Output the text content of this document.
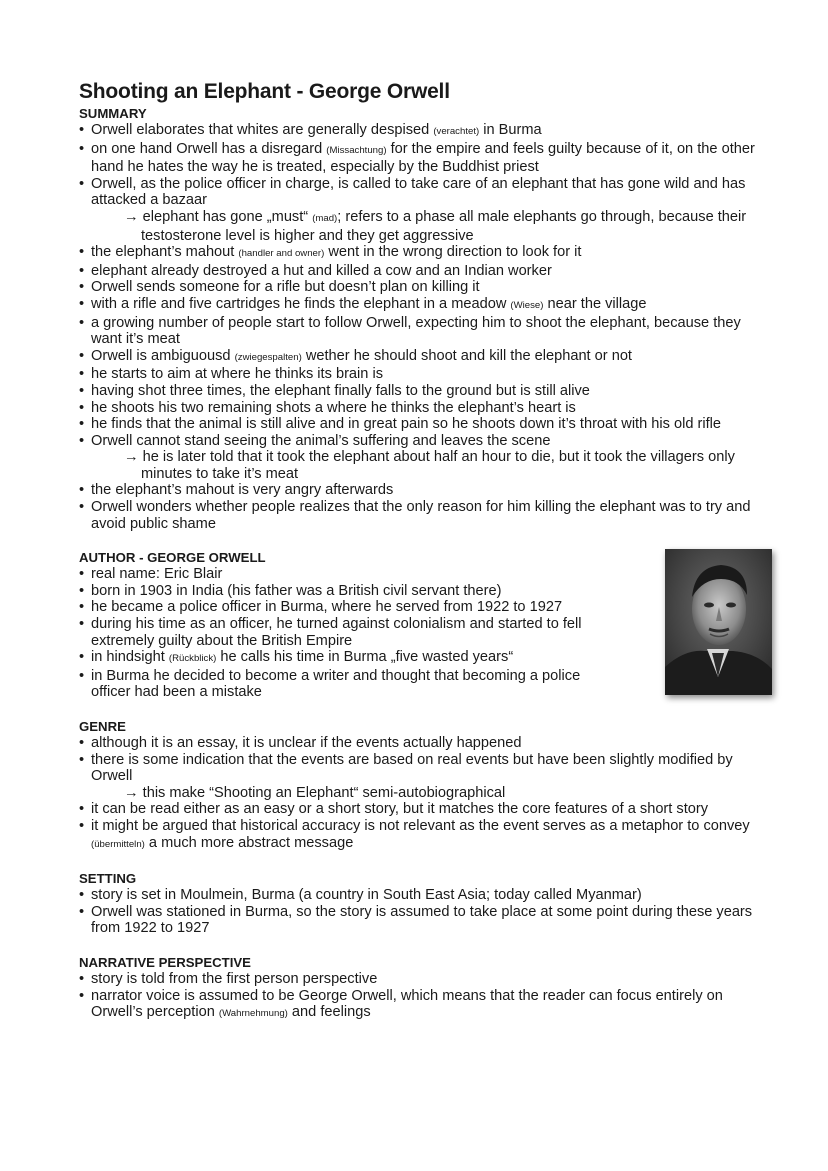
Shooting an Elephant - George Orwell
SUMMARY
• Orwell elaborates that whites are generally despised (verachtet) in Burma
• on one hand Orwell has a disregard (Missachtung) for the empire and feels guilty because of it, on the other hand he hates the way he is treated, especially by the Buddhist priest
• Orwell, as the police officer in charge, is called to take care of an elephant that has gone wild and has attacked a bazaar
→ elephant has gone „must“ (mad); refers to a phase all male elephants go through, because their testosterone level is higher and they get aggressive
• the elephant’s mahout (handler and owner) went in the wrong direction to look for it
• elephant already destroyed a hut and killed a cow and an Indian worker
• Orwell sends someone for a rifle but doesn’t plan on killing it
• with a rifle and five cartridges he finds the elephant in a meadow (Wiese) near the village
• a growing number of people start to follow Orwell, expecting him to shoot the elephant, because they want it’s meat
• Orwell is ambiguousd (zwiegespalten) wether he should shoot and kill the elephant or not
• he starts to aim at where he thinks its brain is
• having shot three times, the elephant finally falls to the ground but is still alive
• he shoots his two remaining shots a where he thinks the elephant’s heart is
• he finds that the animal is still alive and in great pain so he shoots down it’s throat with his old rifle
• Orwell cannot stand seeing the animal’s suffering and leaves the scene
→ he is later told that it took the elephant about half an hour to die, but it took the villagers only minutes to take it’s meat
• the elephant’s mahout is very angry afterwards
• Orwell wonders whether people realizes that the only reason for him killing the elephant was to try and avoid public shame
AUTHOR - GEORGE ORWELL
• real name: Eric Blair
• born in 1903 in India (his father was a British civil servant there)
• he became a police officer in Burma, where he served from 1922 to 1927
• during his time as an officer, he turned against colonialism and started to fell extremely guilty about the British Empire
• in hindsight (Rückblick) he calls his time in Burma „five wasted years“
• in Burma he decided to become a writer and thought that becoming a police officer had been a mistake
GENRE
• although it is an essay, it is unclear if the events actually happened
• there is some indication that the events are based on real events but have been slightly modified by Orwell
→ this make “Shooting an Elephant“ semi-autobiographical
• it can be read either as an easy or a short story, but it matches the core features of a short story
• it might be argued that historical accuracy is not relevant as the event serves as a metaphor to convey (übermitteln) a much more abstract message
SETTING
• story is set in Moulmein, Burma (a country in South East Asia; today called Myanmar)
• Orwell was stationed in Burma, so the story is assumed to take place at some point during these years from 1922 to 1927
NARRATIVE PERSPECTIVE
• story is told from the first person perspective
• narrator voice is assumed to be George Orwell, which means that the reader can focus entirely on Orwell’s perception (Wahrnehmung) and feelings
